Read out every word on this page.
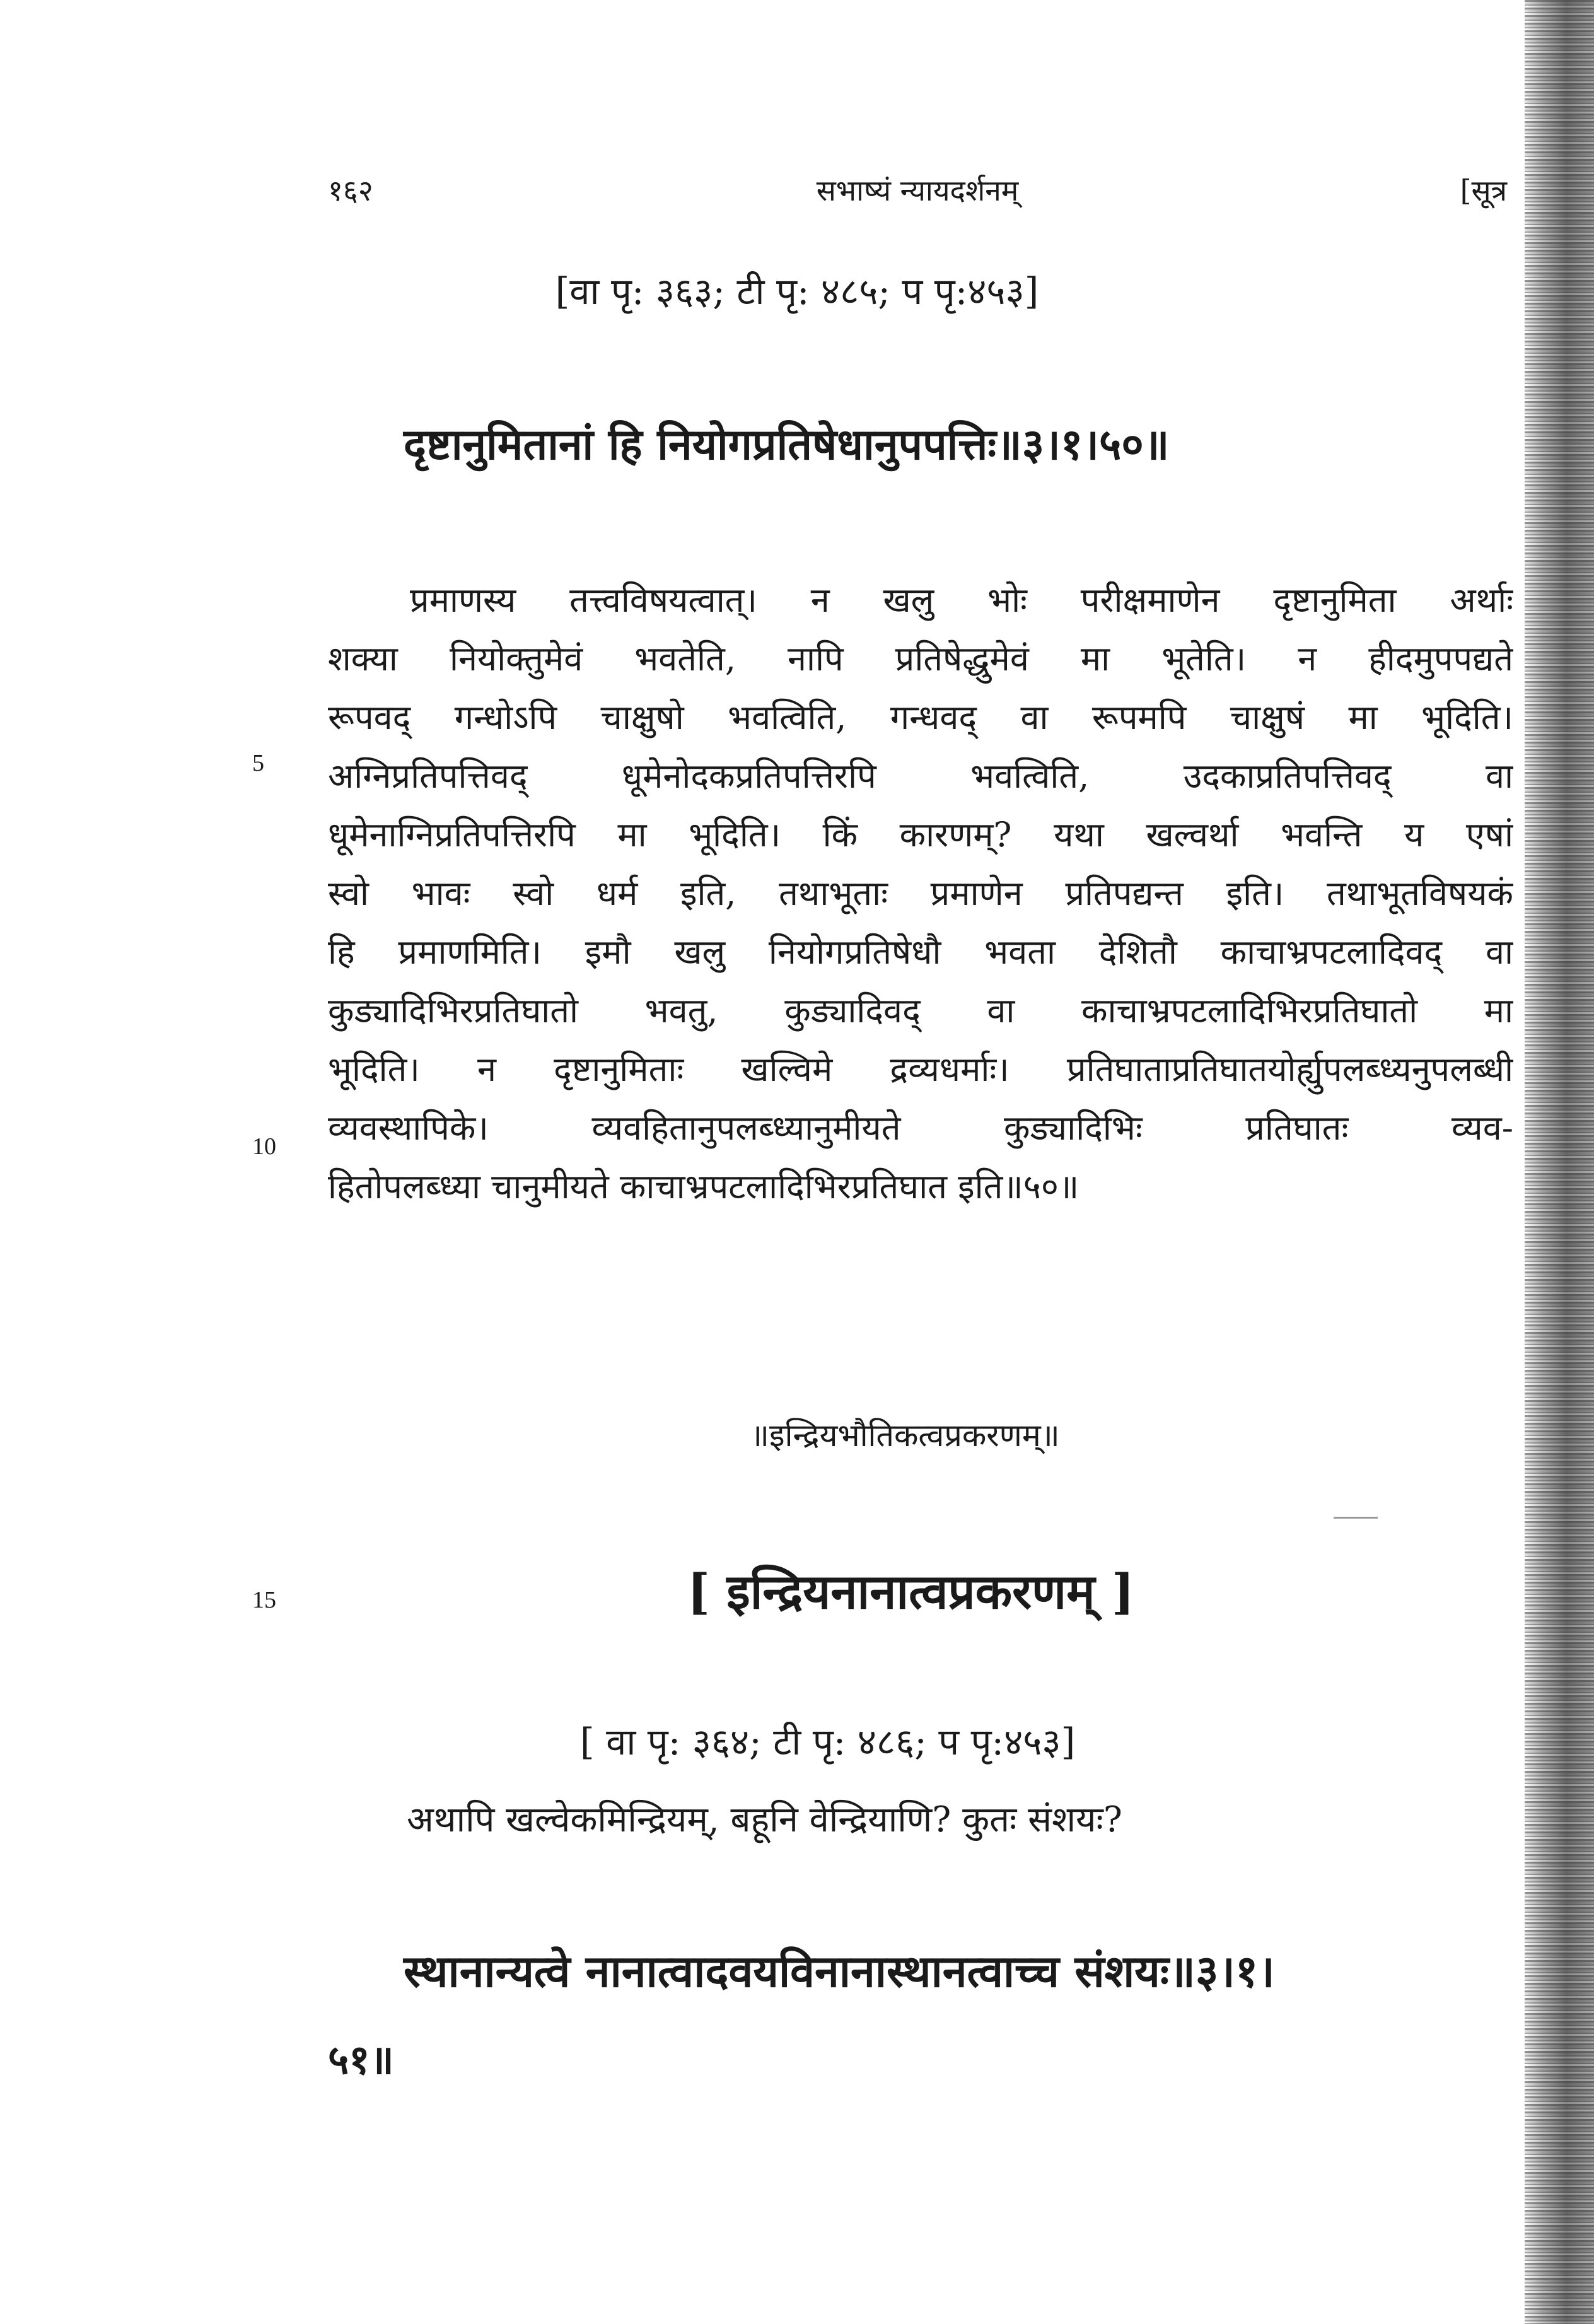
१६२	सभाष्यं न्यायदर्शनम्	[सूत्र
[वा पृ: ३६३; टी पृ: ४८५; प पृ:४५३]
दृष्टानुमितानां हि नियोगप्रतिषेधानुपपत्तिः॥३।१।५०॥
प्रमाणस्य तत्त्वविषयत्वात्। न खलु भोः परीक्षमाणेन दृष्टानुमिता अर्थाः
शक्या नियोक्तुमेवं भवतेति, नापि प्रतिषेद्धुमेवं मा भूतेति। न हीदमुपपद्यते
रूपवद् गन्धोऽपि चाक्षुषो भवत्विति, गन्धवद् वा रूपमपि चाक्षुषं मा भूदिति।
अग्निप्रतिपत्तिवद् धूमेनोदकप्रतिपत्तिरपि भवत्विति, उदकाप्रतिपत्तिवद् वा
धूमेनाग्निप्रतिपत्तिरपि मा भूदिति। किं कारणम्? यथा खल्वर्था भवन्ति य एषां
स्वो भावः स्वो धर्म इति, तथाभूताः प्रमाणेन प्रतिपद्यन्त इति। तथाभूतविषयकं
हि प्रमाणमिति। इमौ खलु नियोगप्रतिषेधौ भवता देशितौ काचाभ्रपटलादिवद् वा
कुड्यादिभिरप्रतिघातो भवतु, कुड्यादिवद् वा काचाभ्रपटलादिभिरप्रतिघातो मा
भूदिति। न दृष्टानुमिताः खल्विमे द्रव्यधर्माः। प्रतिघाताप्रतिघातयोर्ह्युपलब्ध्यनुपलब्धी
व्यवस्थापिके। व्यवहितानुपलब्ध्यानुमीयते कुड्यादिभिः प्रतिघातः व्यव-
हितोपलब्ध्या चानुमीयते काचाभ्रपटलादिभिरप्रतिघात इति॥५०॥
5
10
15
॥इन्द्रियभौतिकत्वप्रकरणम्॥
[ इन्द्रियनानात्वप्रकरणम् ]
[ वा पृ: ३६४; टी पृ: ४८६; प पृ:४५३]
अथापि खल्वेकमिन्द्रियम्, बहूनि वेन्द्रियाणि? कुतः संशयः?
स्थानान्यत्वे नानात्वादवयविनानास्थानत्वाच्च संशयः॥३।१।
५१॥
